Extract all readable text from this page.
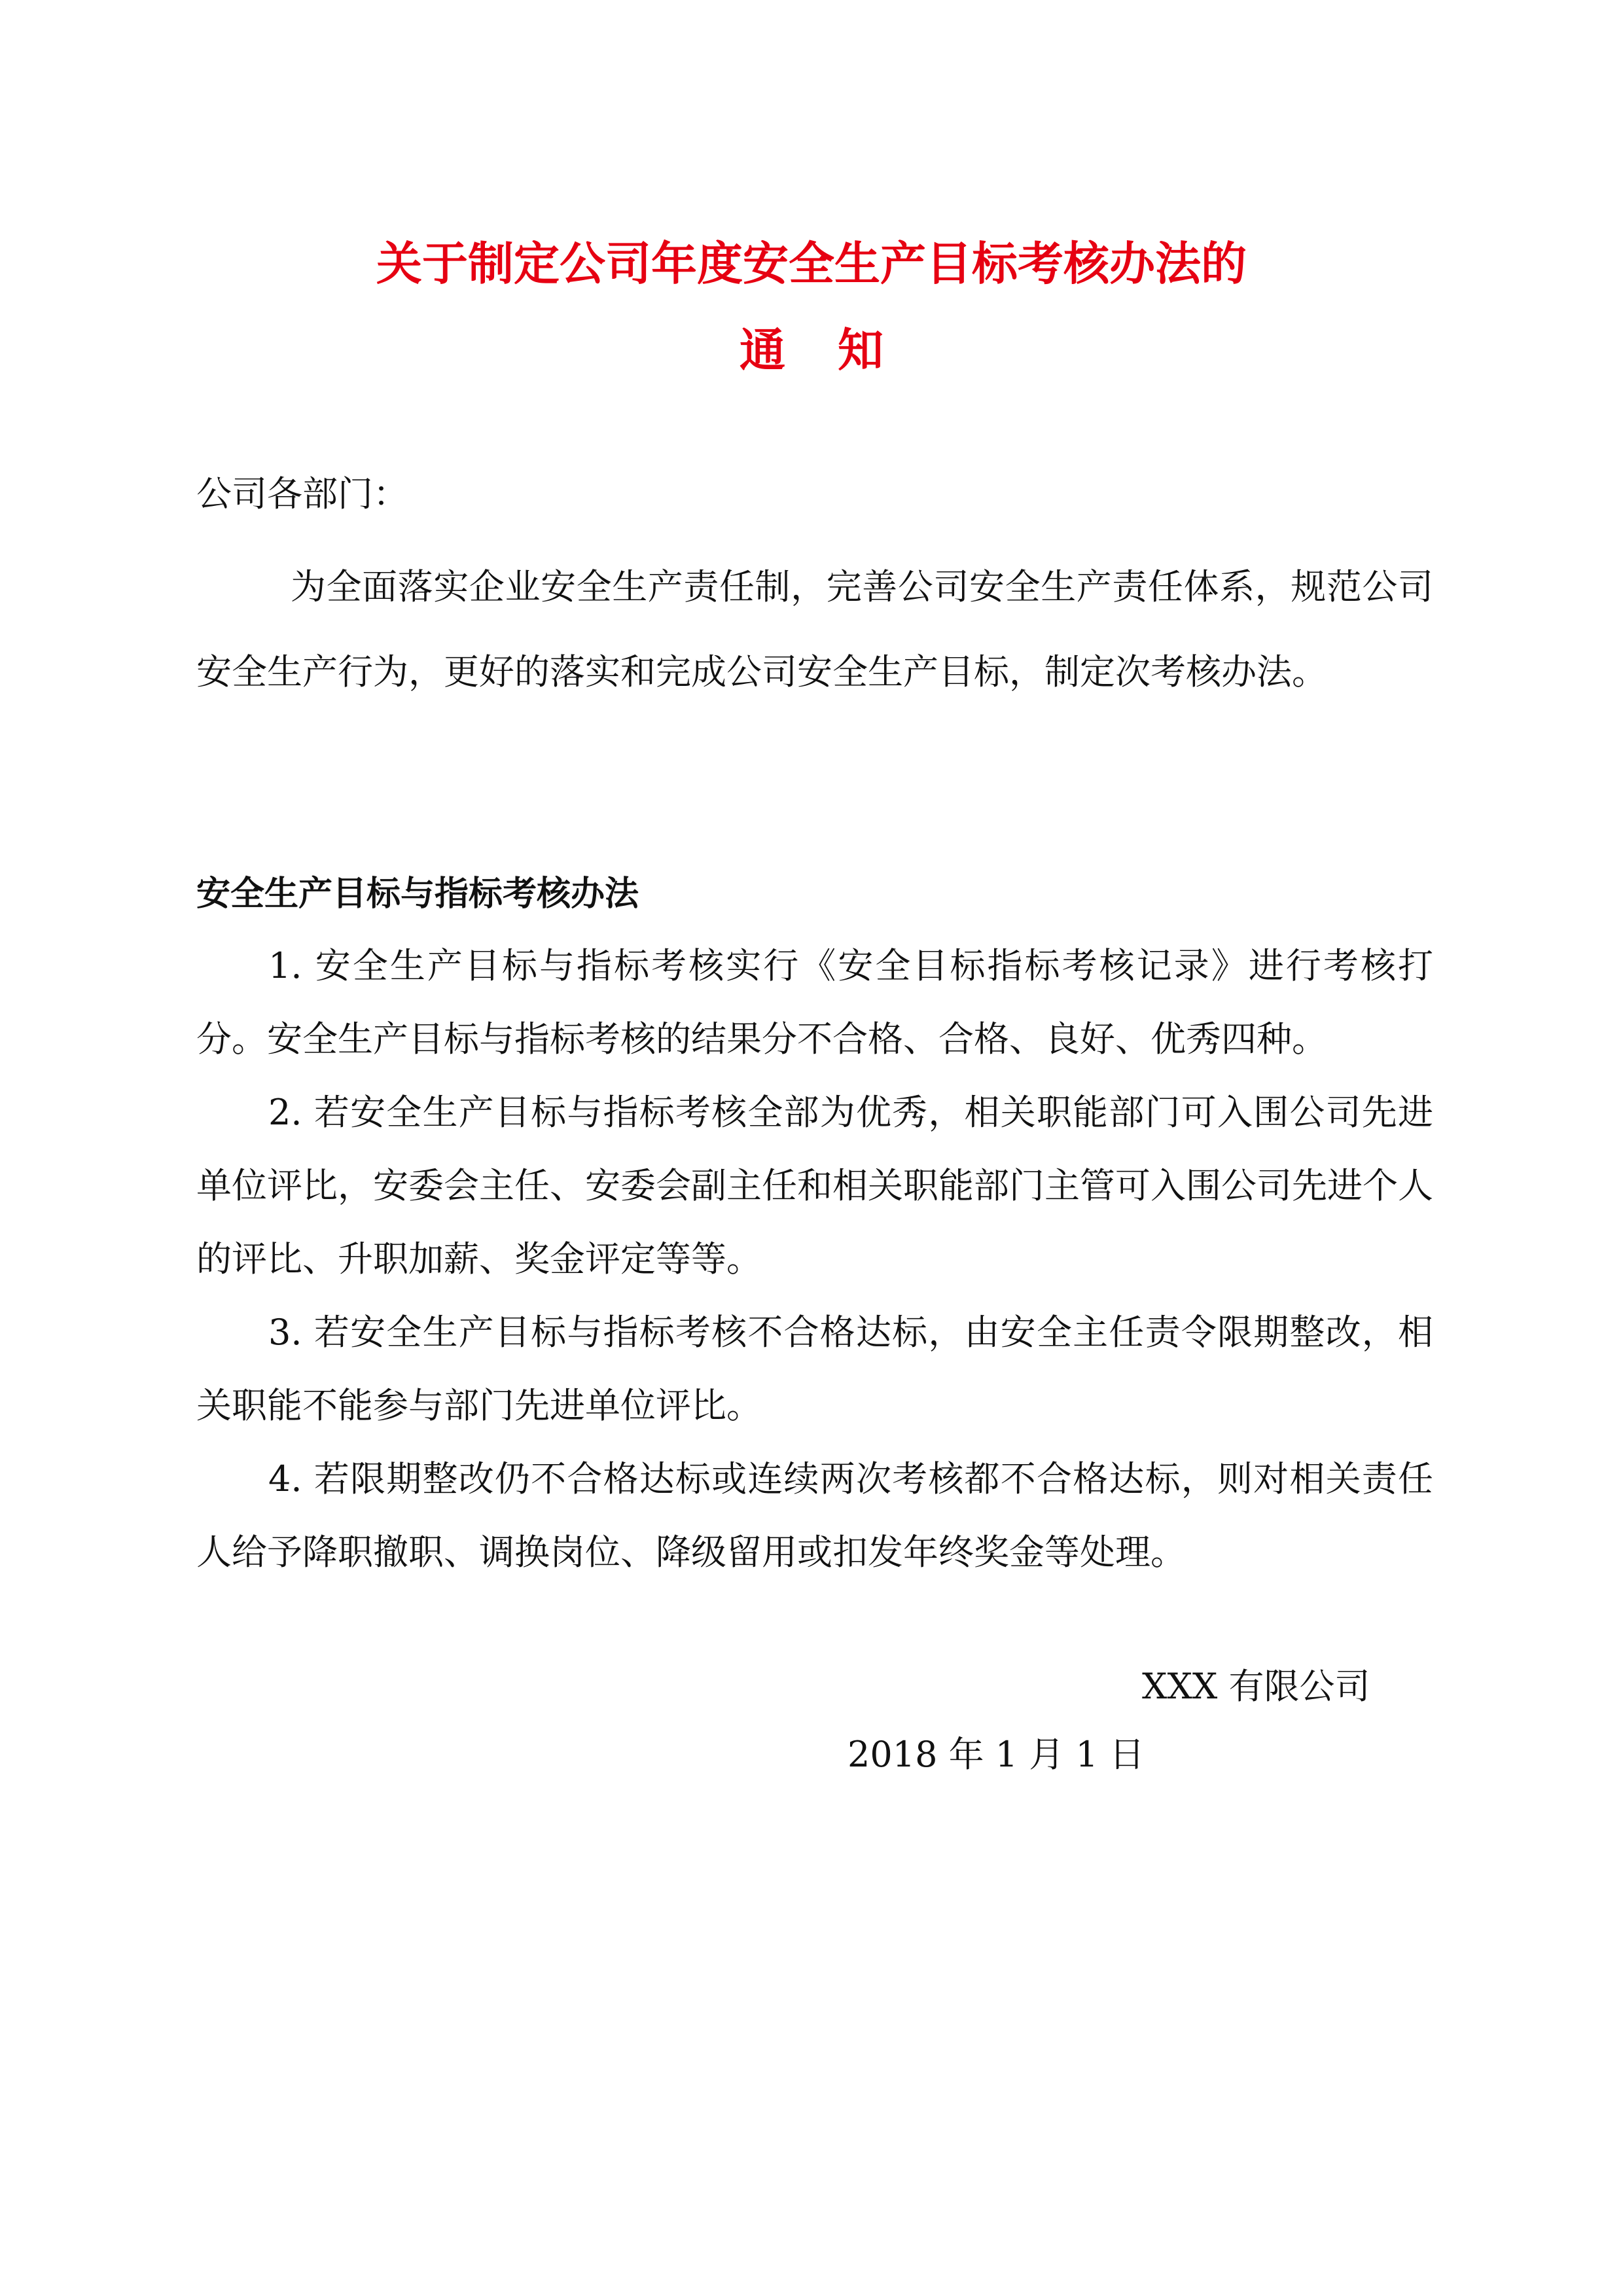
关于制定公司年度安全生产目标考核办法的
通知
公司各部门：

为全面落实企业安全生产责任制，完善公司安全生产责任体系，规范公司安全生产行为，更好的落实和完成公司安全生产目标，制定次考核办法。

安全生产目标与指标考核办法
1. 安全生产目标与指标考核实行《安全目标指标考核记录》进行考核打分。安全生产目标与指标考核的结果分不合格、合格、良好、优秀四种。
2. 若安全生产目标与指标考核全部为优秀，相关职能部门可入围公司先进单位评比，安委会主任、安委会副主任和相关职能部门主管可入围公司先进个人的评比、升职加薪、奖金评定等等。
3. 若安全生产目标与指标考核不合格达标，由安全主任责令限期整改，相关职能不能参与部门先进单位评比。
4. 若限期整改仍不合格达标或连续两次考核都不合格达标，则对相关责任人给予降职撤职、调换岗位、降级留用或扣发年终奖金等处理。
XXX 有限公司
2018 年 1 月 1 日
